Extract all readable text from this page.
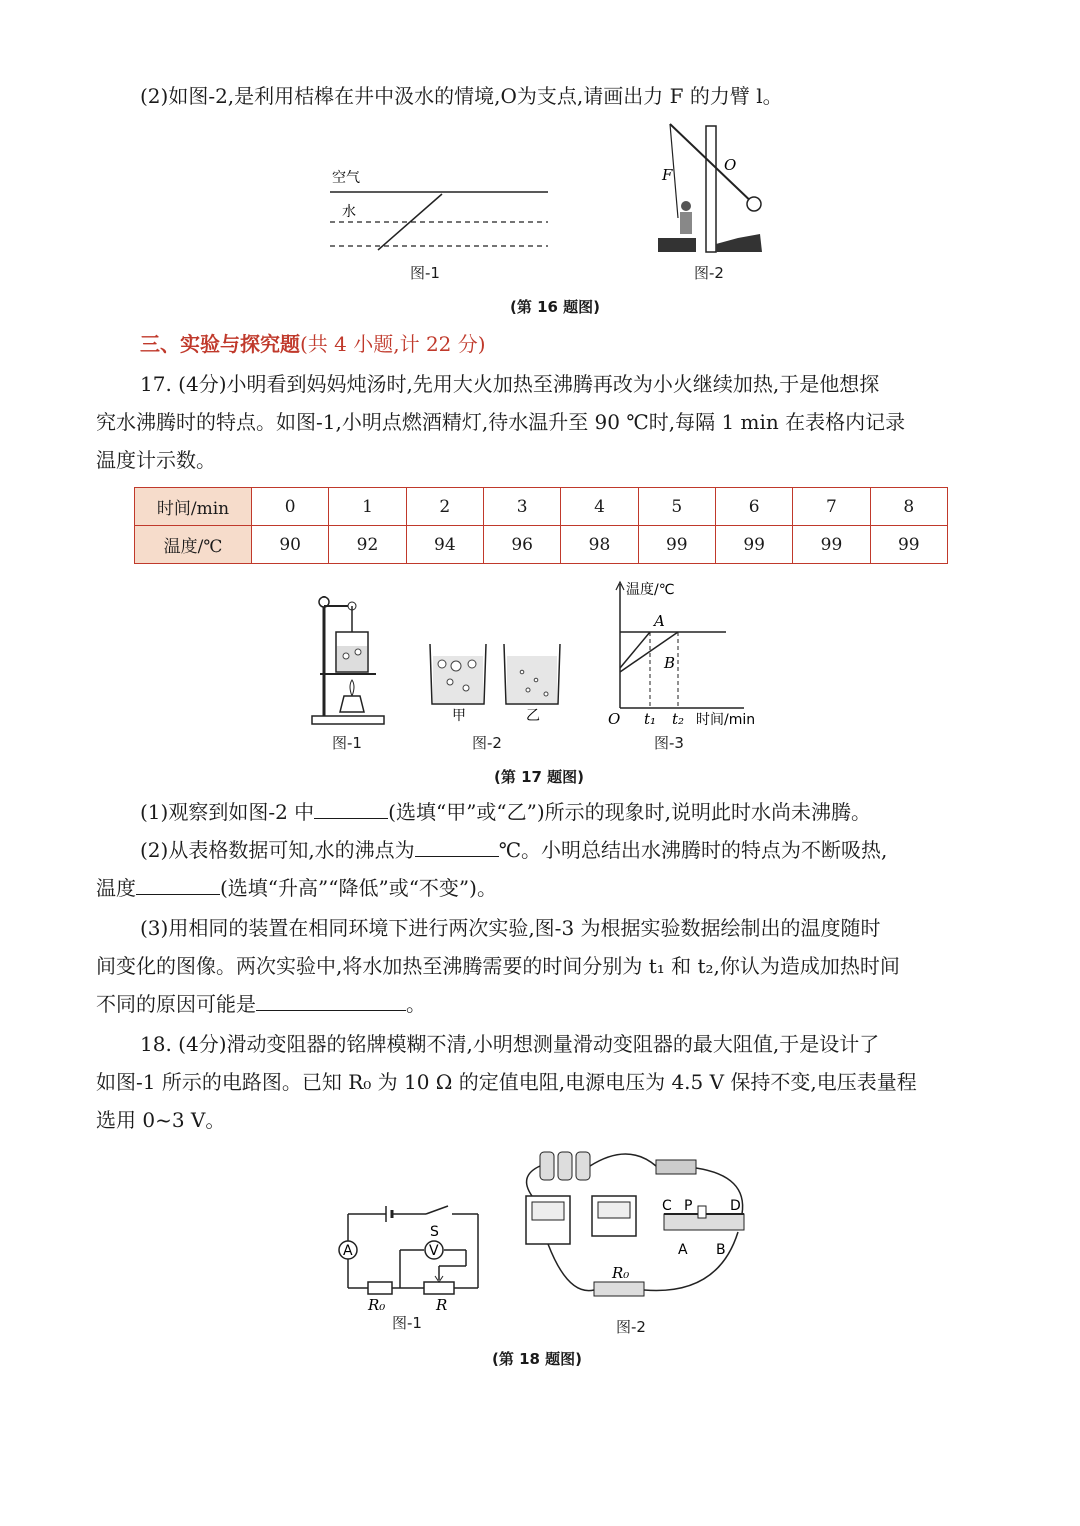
(2)如图-2,是利用桔槔在井中汲水的情境,O为支点,请画出力 F 的力臂 l。
空气
水
图-1
O
F
图-2
(第 16 题图)
三、实验与探究题(共 4 小题,计 22 分)
17. (4分)小明看到妈妈炖汤时,先用大火加热至沸腾再改为小火继续加热,于是他想探
究水沸腾时的特点。如图-1,小明点燃酒精灯,待水温升至 90 ℃时,每隔 1 min 在表格内记录
温度计示数。
时间/min	0	1	2	3	4	5	6	7	8
温度/℃	90	92	94	96	98	99	99	99	99
图-1
甲	乙
图-2
温度/℃
A
B
O t₁ t₂ 时间/min
图-3
(第 17 题图)
(1)观察到如图-2 中	(选填“甲”或“乙”)所示的现象时,说明此时水尚未沸腾。
(2)从表格数据可知,水的沸点为	℃。小明总结出水沸腾时的特点为不断吸热,
温度	(选填“升高”“降低”或“不变”)。
(3)用相同的装置在相同环境下进行两次实验,图-3 为根据实验数据绘制出的温度随时
间变化的图像。两次实验中,将水加热至沸腾需要的时间分别为 t₁ 和 t₂,你认为造成加热时间
不同的原因可能是	。
18. (4分)滑动变阻器的铭牌模糊不清,小明想测量滑动变阻器的最大阻值,于是设计了
如图-1 所示的电路图。已知 R₀ 为 10 Ω 的定值电阻,电源电压为 4.5 V 保持不变,电压表量程
选用 0~3 V。
S
A	V
R₀	R
图-1
C P	D
A B
R₀
图-2
(第 18 题图)
